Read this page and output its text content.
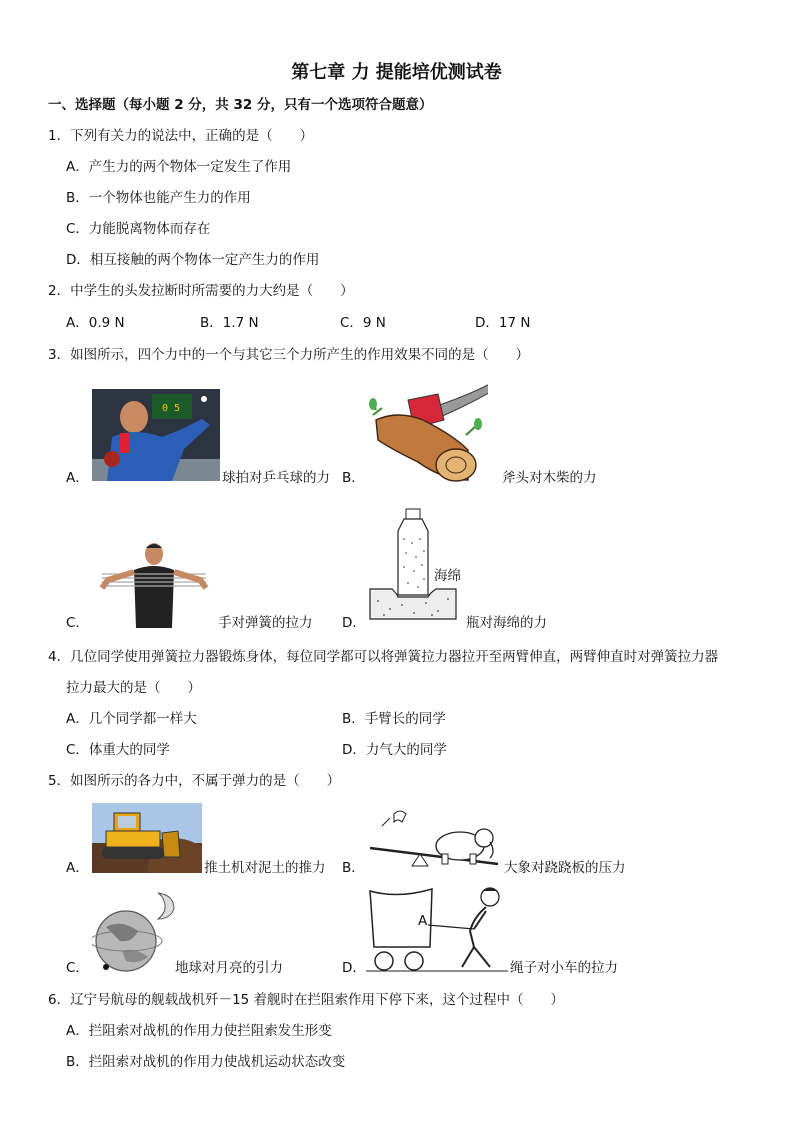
第七章 力 提能培优测试卷
一、选择题（每小题 2 分，共 32 分，只有一个选项符合题意）
1．下列有关力的说法中，正确的是（　　）
A．产生力的两个物体一定发生了作用
B．一个物体也能产生力的作用
C．力能脱离物体而存在
D．相互接触的两个物体一定产生力的作用
2．中学生的头发拉断时所需要的力大约是（　　）
A．0.9 N	B．1.7 N	C．9 N	D．17 N
3．如图所示，四个力中的一个与其它三个力所产生的作用效果不同的是（　　）
0 5
A．	球拍对乒乓球的力 B．	斧头对木柴的力
C．	手对弹簧的拉力
海绵
D．	瓶对海绵的力
4．几位同学使用弹簧拉力器锻炼身体，每位同学都可以将弹簧拉力器拉开至两臂伸直，两臂伸直时对弹簧拉力器
拉力最大的是（　　）
A．几个同学都一样大	B．手臂长的同学
C．体重大的同学	D．力气大的同学
5．如图所示的各力中，不属于弹力的是（　　）
A．	推土机对泥土的推力 B．	大象对跷跷板的压力
C．	地球对月亮的引力
A
D．	绳子对小车的拉力
6．辽宁号航母的舰载战机歼－15 着舰时在拦阻索作用下停下来，这个过程中（　　）
A．拦阻索对战机的作用力使拦阻索发生形变
B．拦阻索对战机的作用力使战机运动状态改变
